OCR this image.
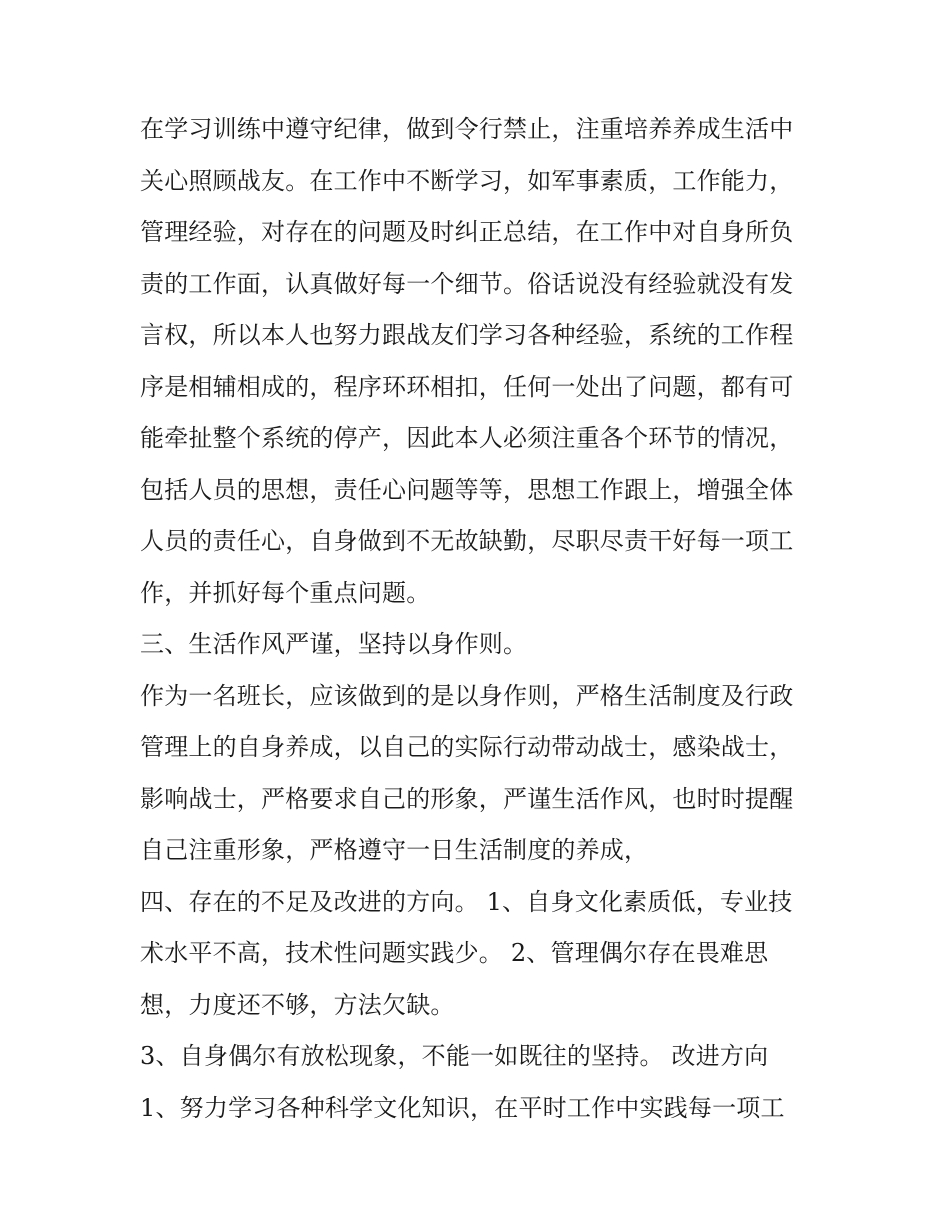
在学习训练中遵守纪律，做到令行禁止，注重培养养成生活中
关心照顾战友。在工作中不断学习，如军事素质，工作能力，
管理经验，对存在的问题及时纠正总结，在工作中对自身所负
责的工作面，认真做好每一个细节。俗话说没有经验就没有发
言权，所以本人也努力跟战友们学习各种经验，系统的工作程
序是相辅相成的，程序环环相扣，任何一处出了问题，都有可
能牵扯整个系统的停产，因此本人必须注重各个环节的情况，
包括人员的思想，责任心问题等等，思想工作跟上，增强全体
人员的责任心，自身做到不无故缺勤，尽职尽责干好每一项工
作，并抓好每个重点问题。
三、生活作风严谨，坚持以身作则。
作为一名班长，应该做到的是以身作则，严格生活制度及行政
管理上的自身养成，以自己的实际行动带动战士，感染战士，
影响战士，严格要求自己的形象，严谨生活作风，也时时提醒
自己注重形象，严格遵守一日生活制度的养成，
四、存在的不足及改进的方向。 1、自身文化素质低，专业技
术水平不高，技术性问题实践少。 2、管理偶尔存在畏难思
想，力度还不够，方法欠缺。
3、自身偶尔有放松现象，不能一如既往的坚持。 改进方向
1、努力学习各种科学文化知识，在平时工作中实践每一项工
